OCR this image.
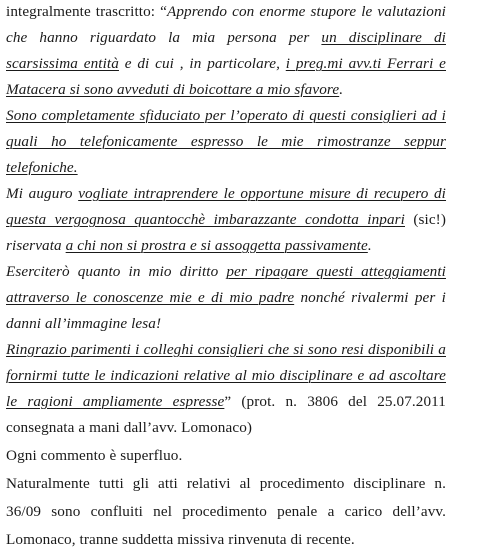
integralmente trascritto: “Apprendo con enorme stupore le valutazioni
che hanno riguardato la mia persona per un disciplinare di
scarsissima entità e di cui , in particolare, i preg.mi avv.ti Ferrari e
Matacera si sono avveduti di boicottare a mio sfavore.
Sono completamente sfiduciato per l’operato di questi consiglieri ad i
quali ho telefonicamente espresso le mie rimostranze seppur
telefoniche.
Mi auguro vogliate intraprendere le opportune misure di recupero di
questa vergognosa quantocchè imbarazzante condotta inpari (sic!)
riservata a chi non si prostra e si assoggetta passivamente.
Eserciterò quanto in mio diritto per ripagare questi atteggiamenti
attraverso le conoscenze mie e di mio padre nonché rivalermi per i
danni all’immagine lesa!
Ringrazio parimenti i colleghi consiglieri che si sono resi disponibili a
fornirmi tutte le indicazioni relative al mio disciplinare e ad ascoltare
le ragioni ampliamente espresse” (prot. n. 3806 del 25.07.2011
consegnata a mani dall’avv. Lomonaco)
Ogni commento è superfluo.
Naturalmente tutti gli atti relativi al procedimento disciplinare n.
36/09 sono confluiti nel procedimento penale a carico dell’avv.
Lomonaco, tranne suddetta missiva rinvenuta di recente.
